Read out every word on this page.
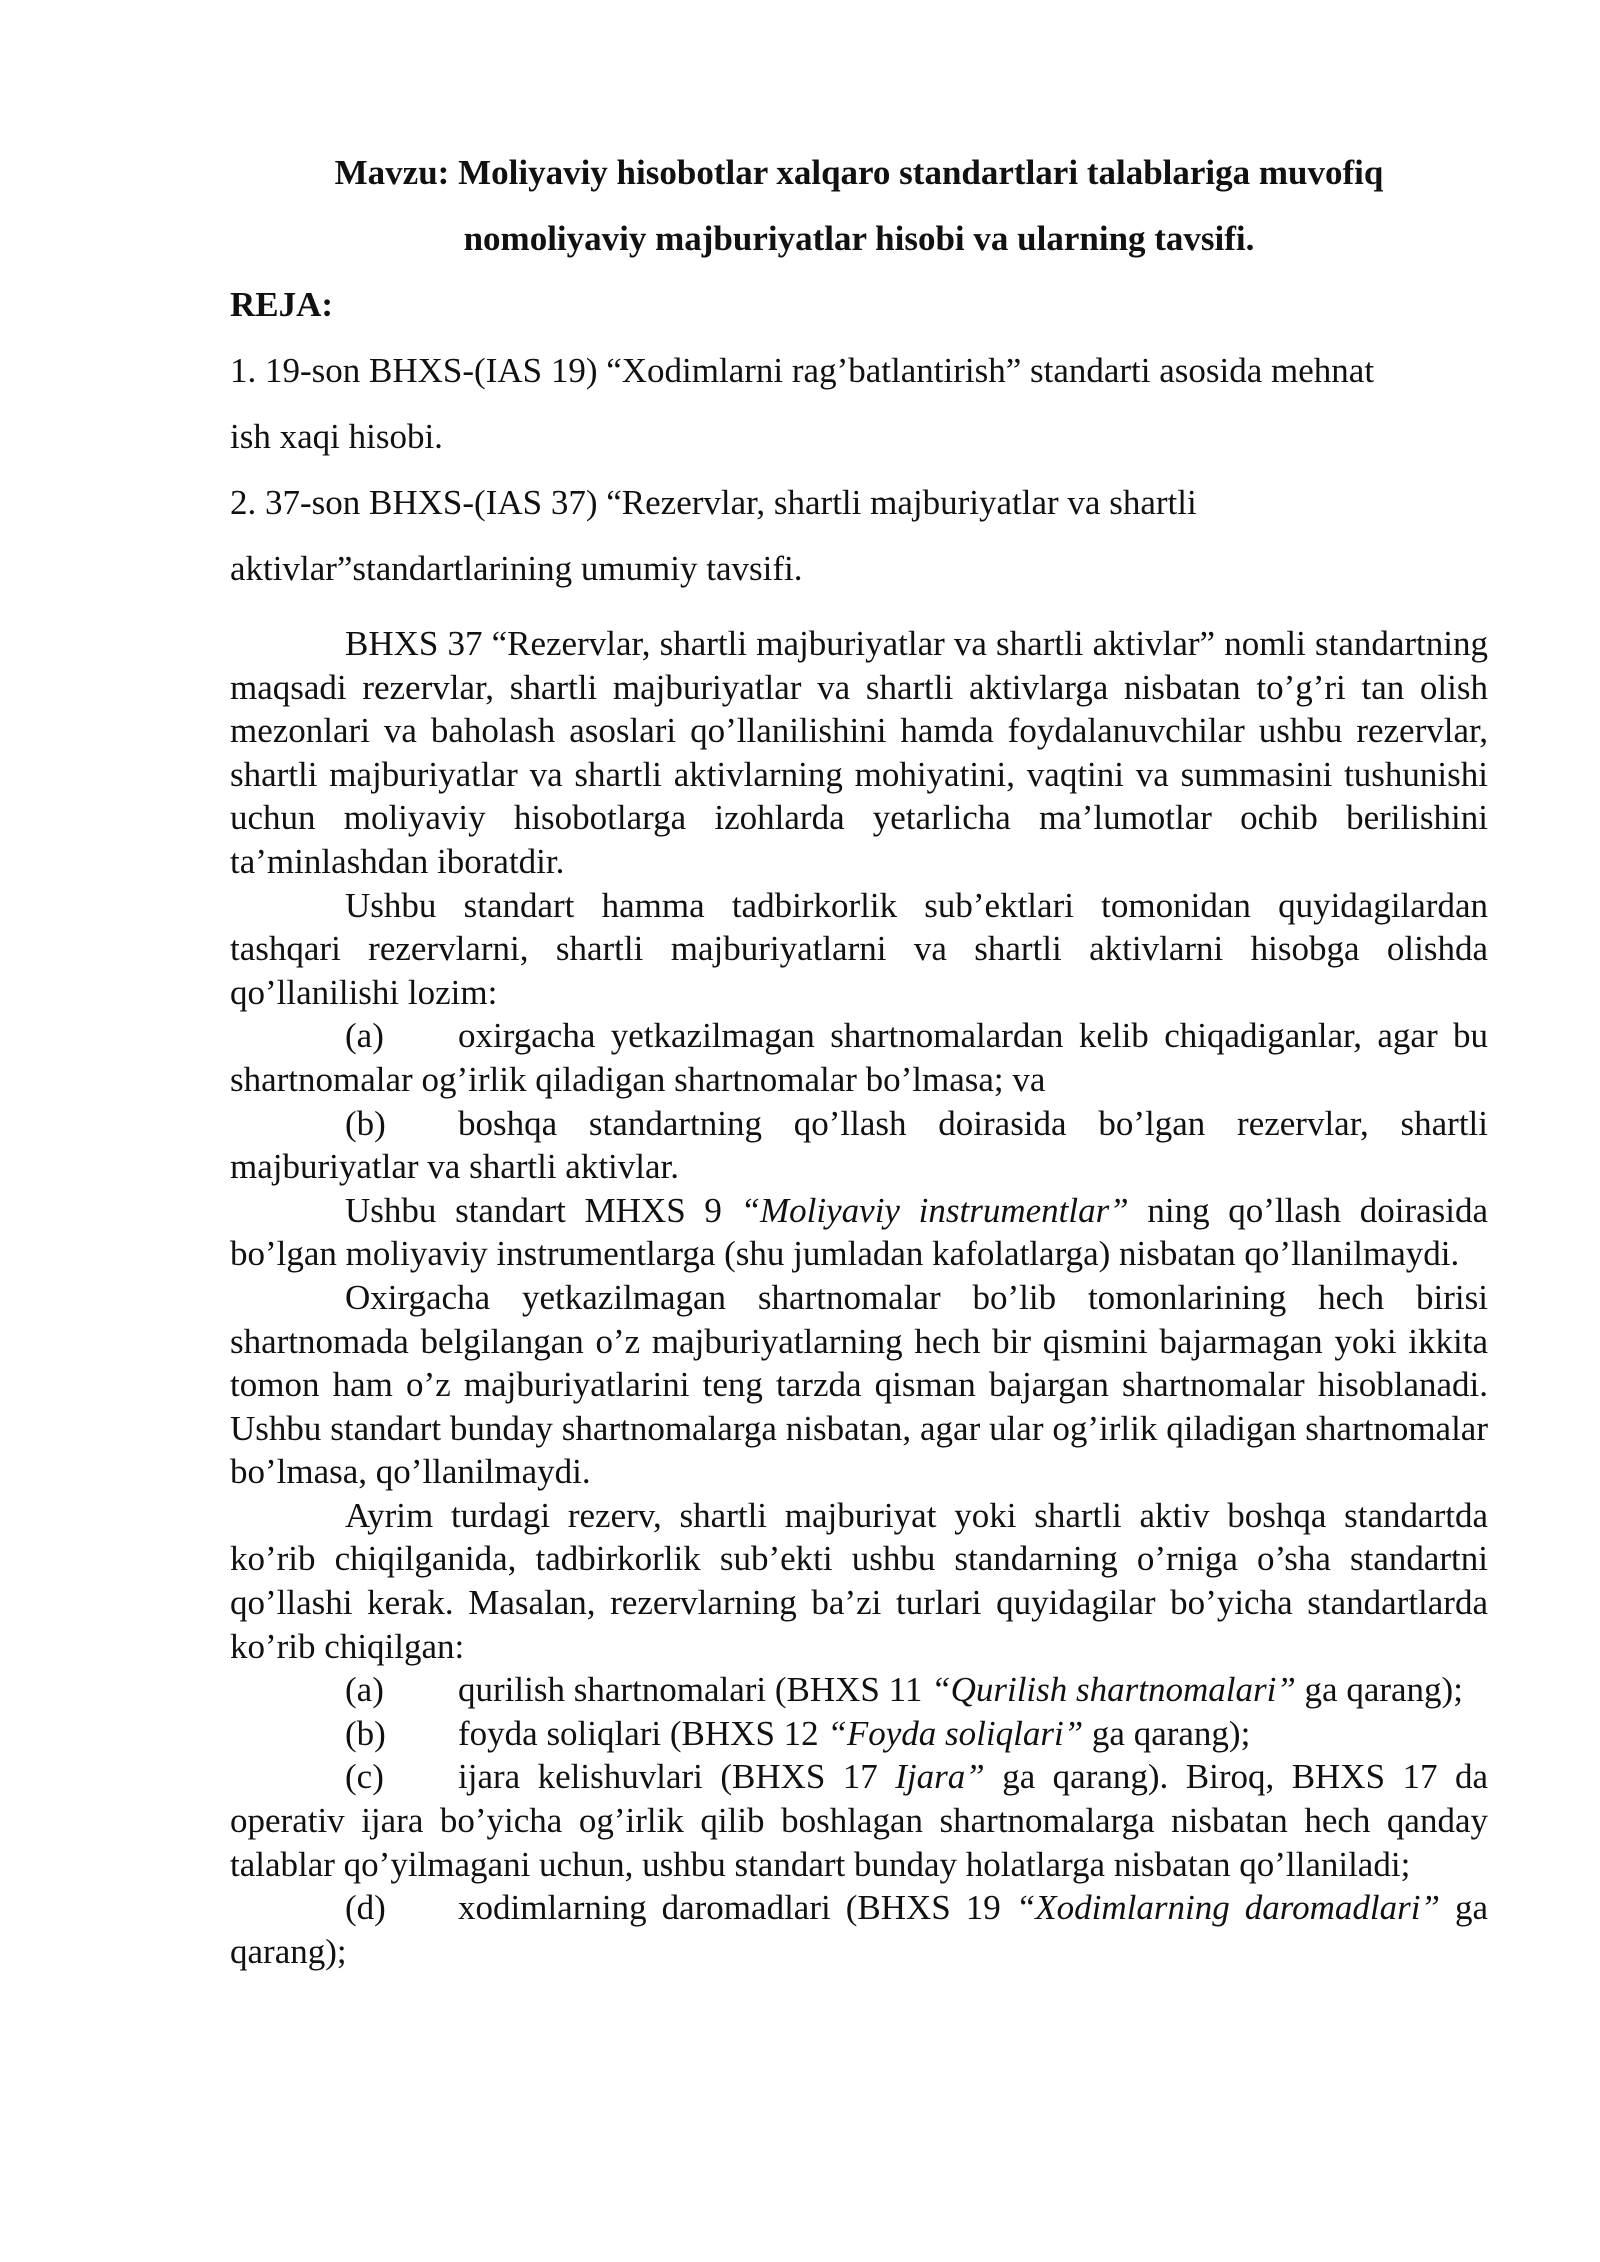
Mavzu: Moliyaviy hisobotlar xalqaro standartlari talablariga muvofiq

nomoliyaviy majburiyatlar hisobi va ularning tavsifi.

REJA:

1. 19-son BHXS-(IAS 19) “Xodimlarni rag’batlantirish” standarti asosida mehnat

ish xaqi hisobi.

2. 37-son BHXS-(IAS 37) “Rezervlar, shartli majburiyatlar va shartli

aktivlar”standartlarining umumiy tavsifi.

BHXS 37 “Rezervlar, shartli majburiyatlar va shartli aktivlar” nomli standartning maqsadi rezervlar, shartli majburiyatlar va shartli aktivlarga nisbatan to’g’ri tan olish mezonlari va baholash asoslari qo’llanilishini hamda foydalanuvchilar ushbu rezervlar, shartli majburiyatlar va shartli aktivlarning mohiyatini, vaqtini va summasini tushunishi uchun moliyaviy hisobotlarga izohlarda yetarlicha ma’lumotlar ochib berilishini ta’minlashdan iboratdir.

Ushbu standart hamma tadbirkorlik sub’ektlari tomonidan quyidagilardan tashqari rezervlarni, shartli majburiyatlarni va shartli aktivlarni hisobga olishda qo’llanilishi lozim:

(a) oxirgacha yetkazilmagan shartnomalardan kelib chiqadiganlar, agar bu shartnomalar og’irlik qiladigan shartnomalar bo’lmasa; va

(b) boshqa standartning qo’llash doirasida bo’lgan rezervlar, shartli majburiyatlar va shartli aktivlar.

Ushbu standart MHXS 9 “Moliyaviy instrumentlar” ning qo’llash doirasida bo’lgan moliyaviy instrumentlarga (shu jumladan kafolatlarga) nisbatan qo’llanilmaydi.

Oxirgacha yetkazilmagan shartnomalar bo’lib tomonlarining hech birisi shartnomada belgilangan o’z majburiyatlarning hech bir qismini bajarmagan yoki ikkita tomon ham o’z majburiyatlarini teng tarzda qisman bajargan shartnomalar hisoblanadi. Ushbu standart bunday shartnomalarga nisbatan, agar ular og’irlik qiladigan shartnomalar bo’lmasa, qo’llanilmaydi.

Ayrim turdagi rezerv, shartli majburiyat yoki shartli aktiv boshqa standartda ko’rib chiqilganida, tadbirkorlik sub’ekti ushbu standarning o’rniga o’sha standartni qo’llashi kerak. Masalan, rezervlarning ba’zi turlari quyidagilar bo’yicha standartlarda ko’rib chiqilgan:

(a) qurilish shartnomalari (BHXS 11 “Qurilish shartnomalari” ga qarang);

(b) foyda soliqlari (BHXS 12 “Foyda soliqlari” ga qarang);

(c) ijara kelishuvlari (BHXS 17 Ijara” ga qarang). Biroq, BHXS 17 da operativ ijara bo’yicha og’irlik qilib boshlagan shartnomalarga nisbatan hech qanday talablar qo’yilmagani uchun, ushbu standart bunday holatlarga nisbatan qo’llaniladi;

(d) xodimlarning daromadlari (BHXS 19 “Xodimlarning daromadlari” ga qarang);
